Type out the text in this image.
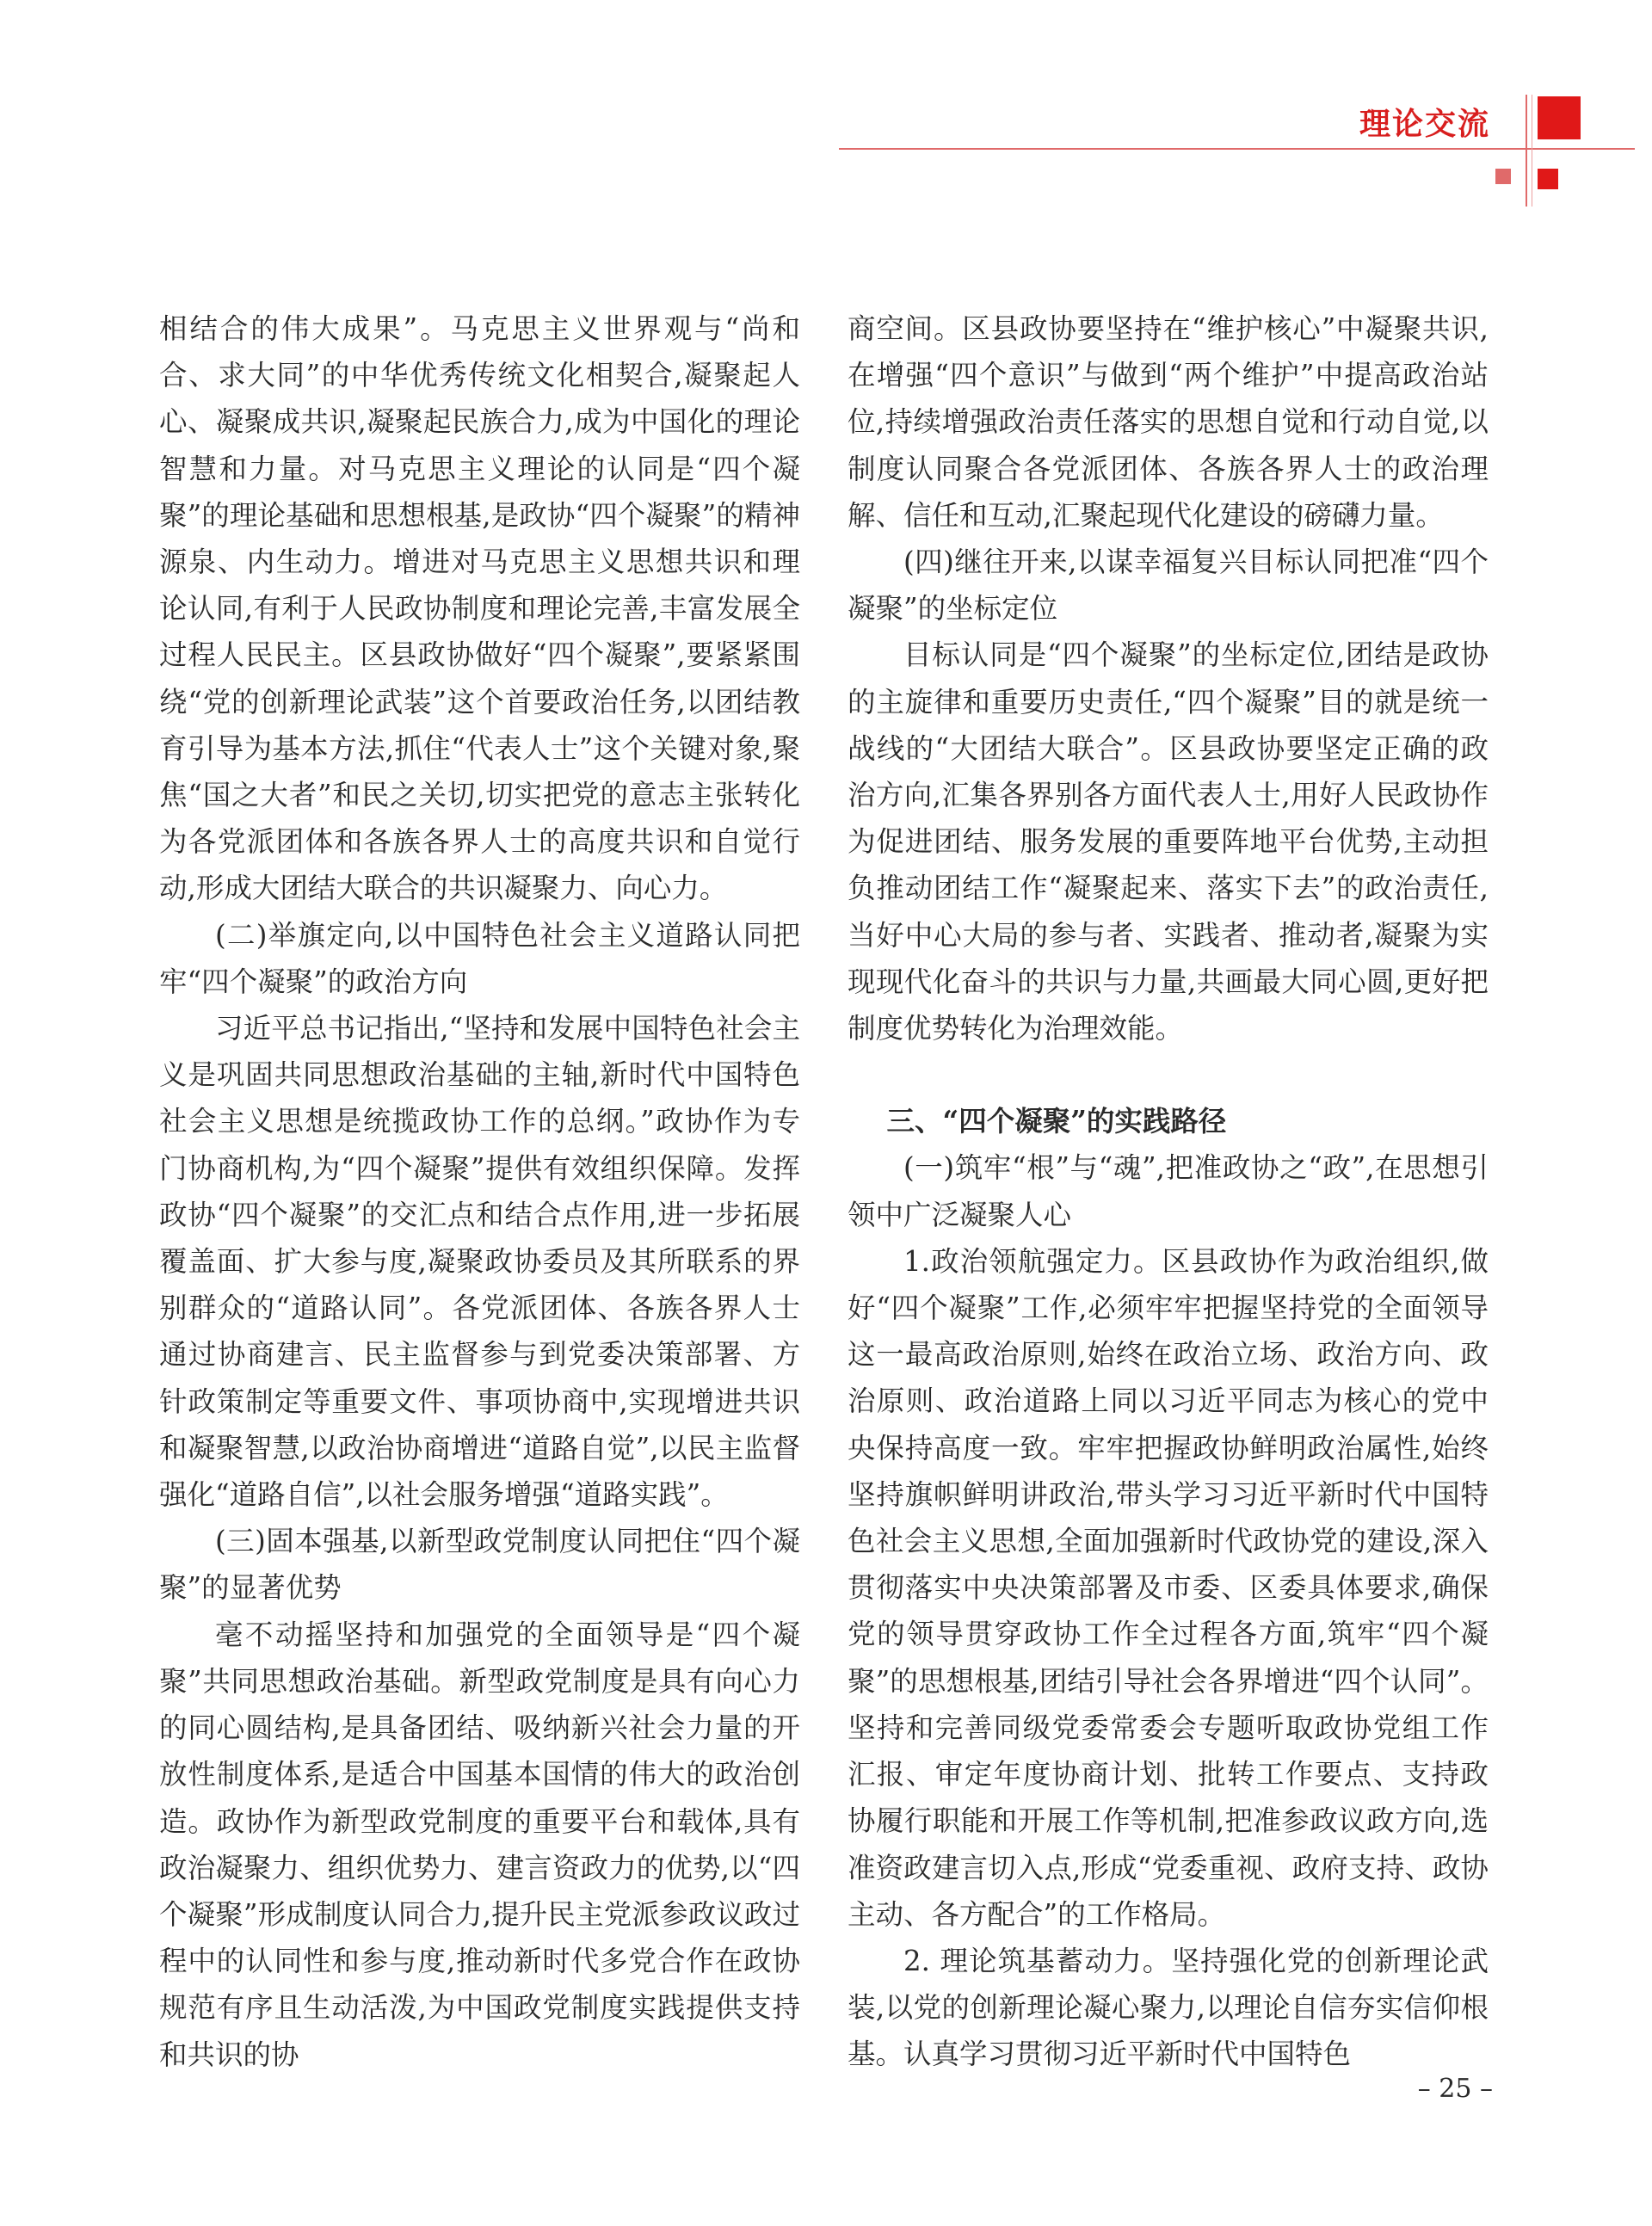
理论交流

相结合的伟大成果”。马克思主义世界观与“尚和合、求大同”的中华优秀传统文化相契合,凝聚起人心、凝聚成共识,凝聚起民族合力,成为中国化的理论智慧和力量。对马克思主义理论的认同是“四个凝聚”的理论基础和思想根基,是政协“四个凝聚”的精神源泉、内生动力。增进对马克思主义思想共识和理论认同,有利于人民政协制度和理论完善,丰富发展全过程人民民主。区县政协做好“四个凝聚”,要紧紧围绕“党的创新理论武装”这个首要政治任务,以团结教育引导为基本方法,抓住“代表人士”这个关键对象,聚焦“国之大者”和民之关切,切实把党的意志主张转化为各党派团体和各族各界人士的高度共识和自觉行动,形成大团结大联合的共识凝聚力、向心力。

(二)举旗定向,以中国特色社会主义道路认同把牢“四个凝聚”的政治方向

习近平总书记指出,“坚持和发展中国特色社会主义是巩固共同思想政治基础的主轴,新时代中国特色社会主义思想是统揽政协工作的总纲。”政协作为专门协商机构,为“四个凝聚”提供有效组织保障。发挥政协“四个凝聚”的交汇点和结合点作用,进一步拓展覆盖面、扩大参与度,凝聚政协委员及其所联系的界别群众的“道路认同”。各党派团体、各族各界人士通过协商建言、民主监督参与到党委决策部署、方针政策制定等重要文件、事项协商中,实现增进共识和凝聚智慧,以政治协商增进“道路自觉”,以民主监督强化“道路自信”,以社会服务增强“道路实践”。

(三)固本强基,以新型政党制度认同把住“四个凝聚”的显著优势

毫不动摇坚持和加强党的全面领导是“四个凝聚”共同思想政治基础。新型政党制度是具有向心力的同心圆结构,是具备团结、吸纳新兴社会力量的开放性制度体系,是适合中国基本国情的伟大的政治创造。政协作为新型政党制度的重要平台和载体,具有政治凝聚力、组织优势力、建言资政力的优势,以“四个凝聚”形成制度认同合力,提升民主党派参政议政过程中的认同性和参与度,推动新时代多党合作在政协规范有序且生动活泼,为中国政党制度实践提供支持和共识的协

商空间。区县政协要坚持在“维护核心”中凝聚共识,在增强“四个意识”与做到“两个维护”中提高政治站位,持续增强政治责任落实的思想自觉和行动自觉,以制度认同聚合各党派团体、各族各界人士的政治理解、信任和互动,汇聚起现代化建设的磅礴力量。

(四)继往开来,以谋幸福复兴目标认同把准“四个凝聚”的坐标定位

目标认同是“四个凝聚”的坐标定位,团结是政协的主旋律和重要历史责任,“四个凝聚”目的就是统一战线的“大团结大联合”。区县政协要坚定正确的政治方向,汇集各界别各方面代表人士,用好人民政协作为促进团结、服务发展的重要阵地平台优势,主动担负推动团结工作“凝聚起来、落实下去”的政治责任,当好中心大局的参与者、实践者、推动者,凝聚为实现现代化奋斗的共识与力量,共画最大同心圆,更好把制度优势转化为治理效能。

三、“四个凝聚”的实践路径

(一)筑牢“根”与“魂”,把准政协之“政”,在思想引领中广泛凝聚人心

1.政治领航强定力。区县政协作为政治组织,做好“四个凝聚”工作,必须牢牢把握坚持党的全面领导这一最高政治原则,始终在政治立场、政治方向、政治原则、政治道路上同以习近平同志为核心的党中央保持高度一致。牢牢把握政协鲜明政治属性,始终坚持旗帜鲜明讲政治,带头学习习近平新时代中国特色社会主义思想,全面加强新时代政协党的建设,深入贯彻落实中央决策部署及市委、区委具体要求,确保党的领导贯穿政协工作全过程各方面,筑牢“四个凝聚”的思想根基,团结引导社会各界增进“四个认同”。坚持和完善同级党委常委会专题听取政协党组工作汇报、审定年度协商计划、批转工作要点、支持政协履行职能和开展工作等机制,把准参政议政方向,选准资政建言切入点,形成“党委重视、政府支持、政协主动、各方配合”的工作格局。

2. 理论筑基蓄动力。坚持强化党的创新理论武装,以党的创新理论凝心聚力,以理论自信夯实信仰根基。认真学习贯彻习近平新时代中国特色

– 25 –
